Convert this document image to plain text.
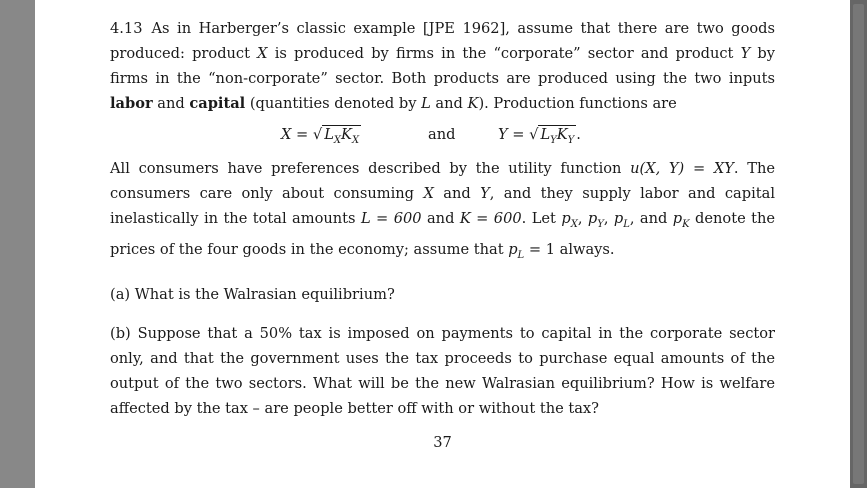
4.13 As in Harberger’s classic example [JPE 1962], assume that there are two goods produced: product X is produced by firms in the “corporate” sector and product Y by firms in the “non-corporate” sector. Both products are produced using the two inputs labor and capital (quantities denoted by L and K). Production functions are

X = √ $L_XK_X$	and	Y = √ $L_YK_Y$ .

All consumers have preferences described by the utility function u(X, Y) = XY. The consumers care only about consuming X and Y, and they supply labor and capital inelastically in the total amounts L = 600 and K = 600. Let $p_X$, $p_Y$, $p_L$, and $p_K$ denote the prices of the four goods in the economy; assume that $p_L = 1$ always.

(a) What is the Walrasian equilibrium?

(b) Suppose that a 50% tax is imposed on payments to capital in the corporate sector only, and that the government uses the tax proceeds to purchase equal amounts of the output of the two sectors. What will be the new Walrasian equilibrium? How is welfare affected by the tax – are people better off with or without the tax?

37
